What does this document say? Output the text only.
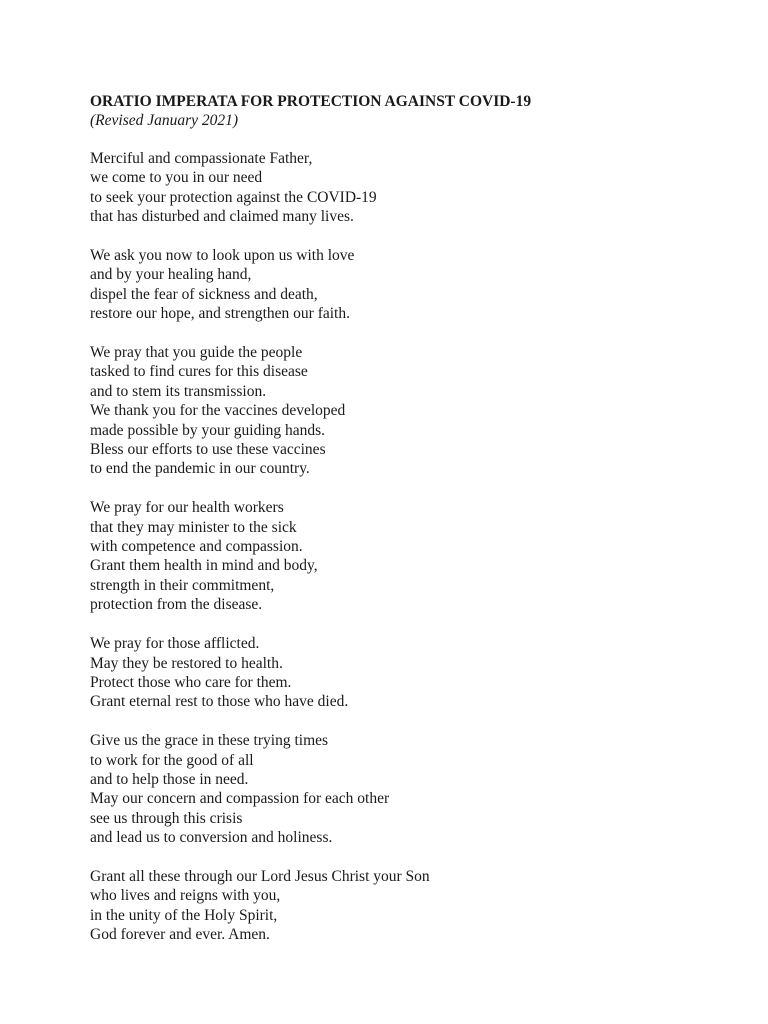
ORATIO IMPERATA FOR PROTECTION AGAINST COVID-19

(Revised January 2021)

Merciful and compassionate Father,
we come to you in our need
to seek your protection against the COVID-19
that has disturbed and claimed many lives.
We ask you now to look upon us with love
and by your healing hand,
dispel the fear of sickness and death,
restore our hope, and strengthen our faith.
We pray that you guide the people
tasked to find cures for this disease
and to stem its transmission.
We thank you for the vaccines developed
made possible by your guiding hands.
Bless our efforts to use these vaccines
to end the pandemic in our country.
We pray for our health workers
that they may minister to the sick
with competence and compassion.
Grant them health in mind and body,
strength in their commitment,
protection from the disease.
We pray for those afflicted.
May they be restored to health.
Protect those who care for them.
Grant eternal rest to those who have died.
Give us the grace in these trying times
to work for the good of all
and to help those in need.
May our concern and compassion for each other
see us through this crisis
and lead us to conversion and holiness.
Grant all these through our Lord Jesus Christ your Son
who lives and reigns with you,
in the unity of the Holy Spirit,
God forever and ever. Amen.
